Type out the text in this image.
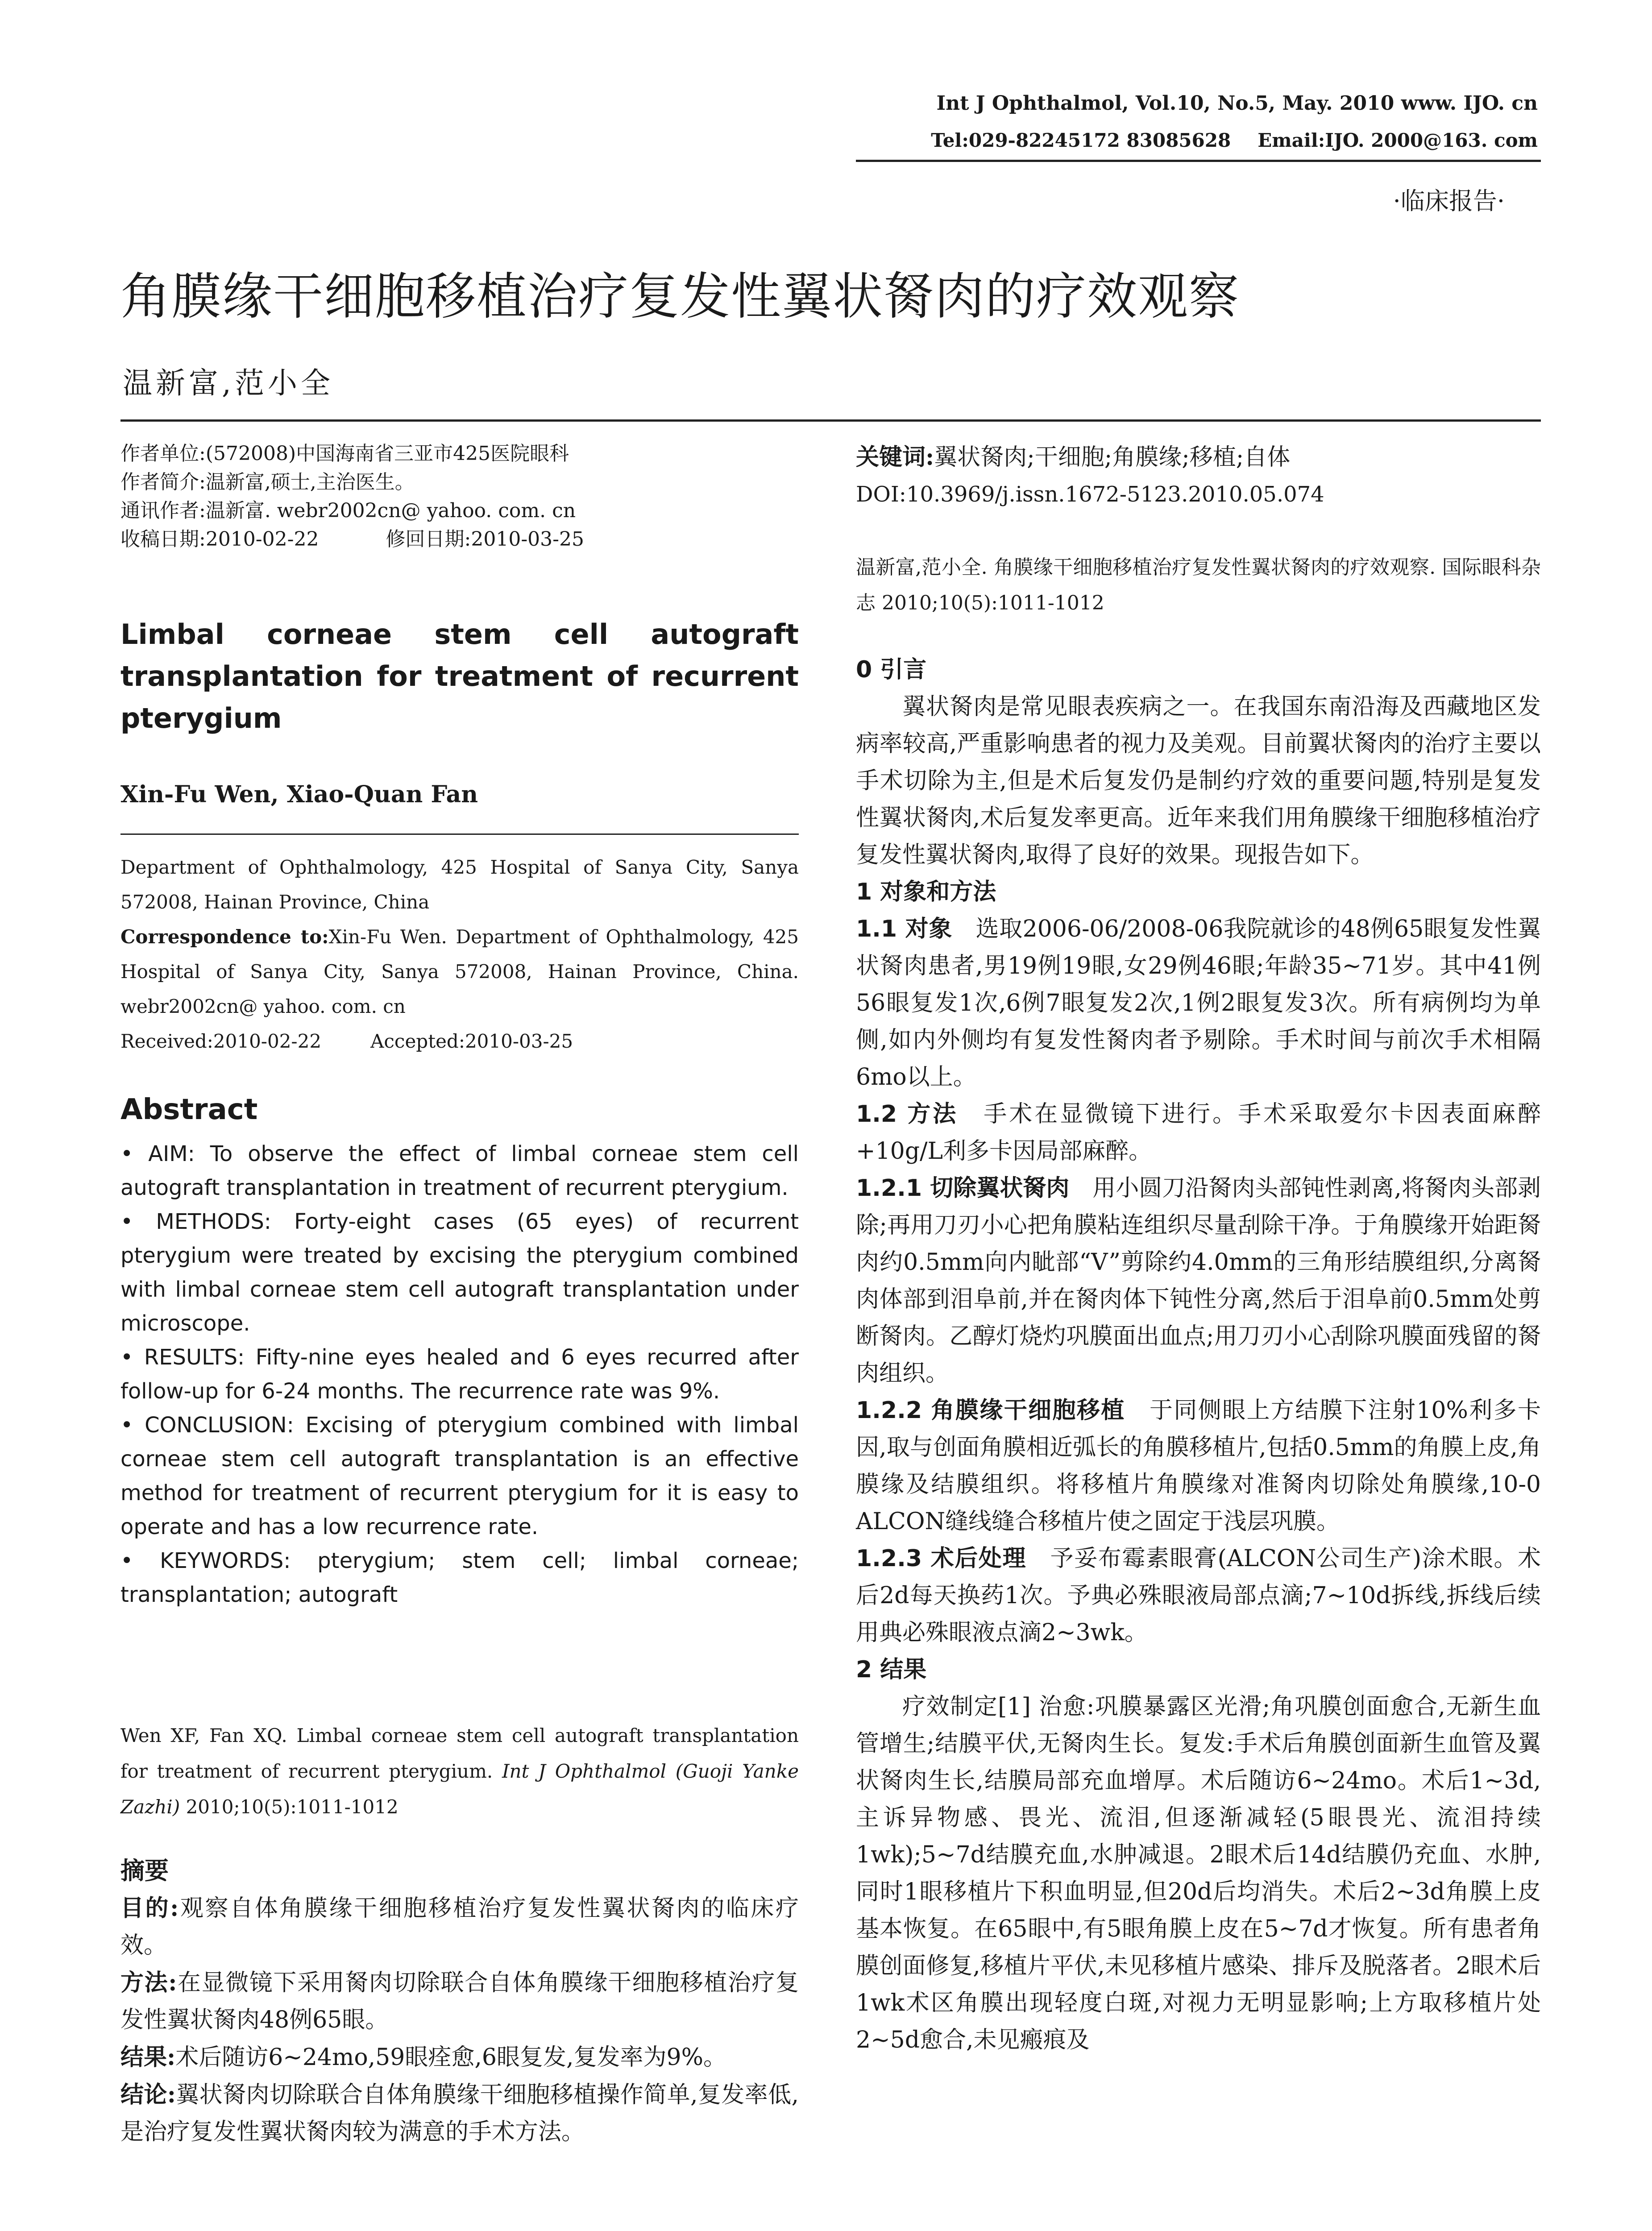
Int J Ophthalmol, Vol.10, No.5, May. 2010 www. IJO. cn
Tel:029-82245172 83085628 Email:IJO. 2000@163. com
·临床报告·
角膜缘干细胞移植治疗复发性翼状胬肉的疗效观察
温新富,范小全
作者单位:(572008)中国海南省三亚市425医院眼科
作者简介:温新富,硕士,主治医生。
通讯作者:温新富. webr2002cn@ yahoo. com. cn
收稿日期:2010-02-22	修回日期:2010-03-25
Limbal corneae stem cell autograft transplantation for treatment of recurrent pterygium
Xin-Fu Wen, Xiao-Quan Fan
Department of Ophthalmology, 425 Hospital of Sanya City, Sanya 572008, Hainan Province, China
Correspondence to:Xin-Fu Wen. Department of Ophthalmology, 425 Hospital of Sanya City, Sanya 572008, Hainan Province, China. webr2002cn@ yahoo. com. cn
Received:2010-02-22	Accepted:2010-03-25
Abstract

• AIM: To observe the effect of limbal corneae stem cell autograft transplantation in treatment of recurrent pterygium.

• METHODS: Forty-eight cases (65 eyes) of recurrent pterygium were treated by excising the pterygium combined with limbal corneae stem cell autograft transplantation under microscope.

• RESULTS: Fifty-nine eyes healed and 6 eyes recurred after follow-up for 6-24 months. The recurrence rate was 9%.

• CONCLUSION: Excising of pterygium combined with limbal corneae stem cell autograft transplantation is an effective method for treatment of recurrent pterygium for it is easy to operate and has a low recurrence rate.

• KEYWORDS: pterygium; stem cell; limbal corneae; transplantation; autograft

Wen XF, Fan XQ. Limbal corneae stem cell autograft transplantation for treatment of recurrent pterygium. Int J Ophthalmol (Guoji Yanke Zazhi) 2010;10(5):1011-1012
摘要

目的:观察自体角膜缘干细胞移植治疗复发性翼状胬肉的临床疗效。

方法:在显微镜下采用胬肉切除联合自体角膜缘干细胞移植治疗复发性翼状胬肉48例65眼。

结果:术后随访6~24mo,59眼痊愈,6眼复发,复发率为9%。

结论:翼状胬肉切除联合自体角膜缘干细胞移植操作简单,复发率低,是治疗复发性翼状胬肉较为满意的手术方法。

关键词:翼状胬肉;干细胞;角膜缘;移植;自体
DOI:10.3969/j.issn.1672-5123.2010.05.074
温新富,范小全. 角膜缘干细胞移植治疗复发性翼状胬肉的疗效观察. 国际眼科杂志 2010;10(5):1011-1012

0 引言

翼状胬肉是常见眼表疾病之一。在我国东南沿海及西藏地区发病率较高,严重影响患者的视力及美观。目前翼状胬肉的治疗主要以手术切除为主,但是术后复发仍是制约疗效的重要问题,特别是复发性翼状胬肉,术后复发率更高。近年来我们用角膜缘干细胞移植治疗复发性翼状胬肉,取得了良好的效果。现报告如下。

1 对象和方法

1.1 对象　 选取2006-06/2008-06我院就诊的48例65眼复发性翼状胬肉患者,男19例19眼,女29例46眼;年龄35~71岁。其中41例56眼复发1次,6例7眼复发2次,1例2眼复发3次。所有病例均为单侧,如内外侧均有复发性胬肉者予剔除。手术时间与前次手术相隔6mo以上。

1.2 方法　 手术在显微镜下进行。手术采取爱尔卡因表面麻醉+10g/L利多卡因局部麻醉。

1.2.1 切除翼状胬肉　 用小圆刀沿胬肉头部钝性剥离,将胬肉头部剥除;再用刀刃小心把角膜粘连组织尽量刮除干净。于角膜缘开始距胬肉约0.5mm向内眦部“V”剪除约4.0mm的三角形结膜组织,分离胬肉体部到泪阜前,并在胬肉体下钝性分离,然后于泪阜前0.5mm处剪断胬肉。乙醇灯烧灼巩膜面出血点;用刀刃小心刮除巩膜面残留的胬肉组织。

1.2.2 角膜缘干细胞移植　 于同侧眼上方结膜下注射10%利多卡因,取与创面角膜相近弧长的角膜移植片,包括0.5mm的角膜上皮,角膜缘及结膜组织。将移植片角膜缘对准胬肉切除处角膜缘,10-0 ALCON缝线缝合移植片使之固定于浅层巩膜。

1.2.3 术后处理　 予妥布霉素眼膏(ALCON公司生产)涂术眼。术后2d每天换药1次。予典必殊眼液局部点滴;7~10d拆线,拆线后续用典必殊眼液点滴2~3wk。

2 结果

疗效制定[1] 治愈:巩膜暴露区光滑;角巩膜创面愈合,无新生血管增生;结膜平伏,无胬肉生长。复发:手术后角膜创面新生血管及翼状胬肉生长,结膜局部充血增厚。术后随访6~24mo。术后1~3d,主诉异物感、畏光、流泪,但逐渐减轻(5眼畏光、流泪持续1wk);5~7d结膜充血,水肿减退。2眼术后14d结膜仍充血、水肿,同时1眼移植片下积血明显,但20d后均消失。术后2~3d角膜上皮基本恢复。在65眼中,有5眼角膜上皮在5~7d才恢复。所有患者角膜创面修复,移植片平伏,未见移植片感染、排斥及脱落者。2眼术后1wk术区角膜出现轻度白斑,对视力无明显影响;上方取移植片处2~5d愈合,未见瘢痕及
